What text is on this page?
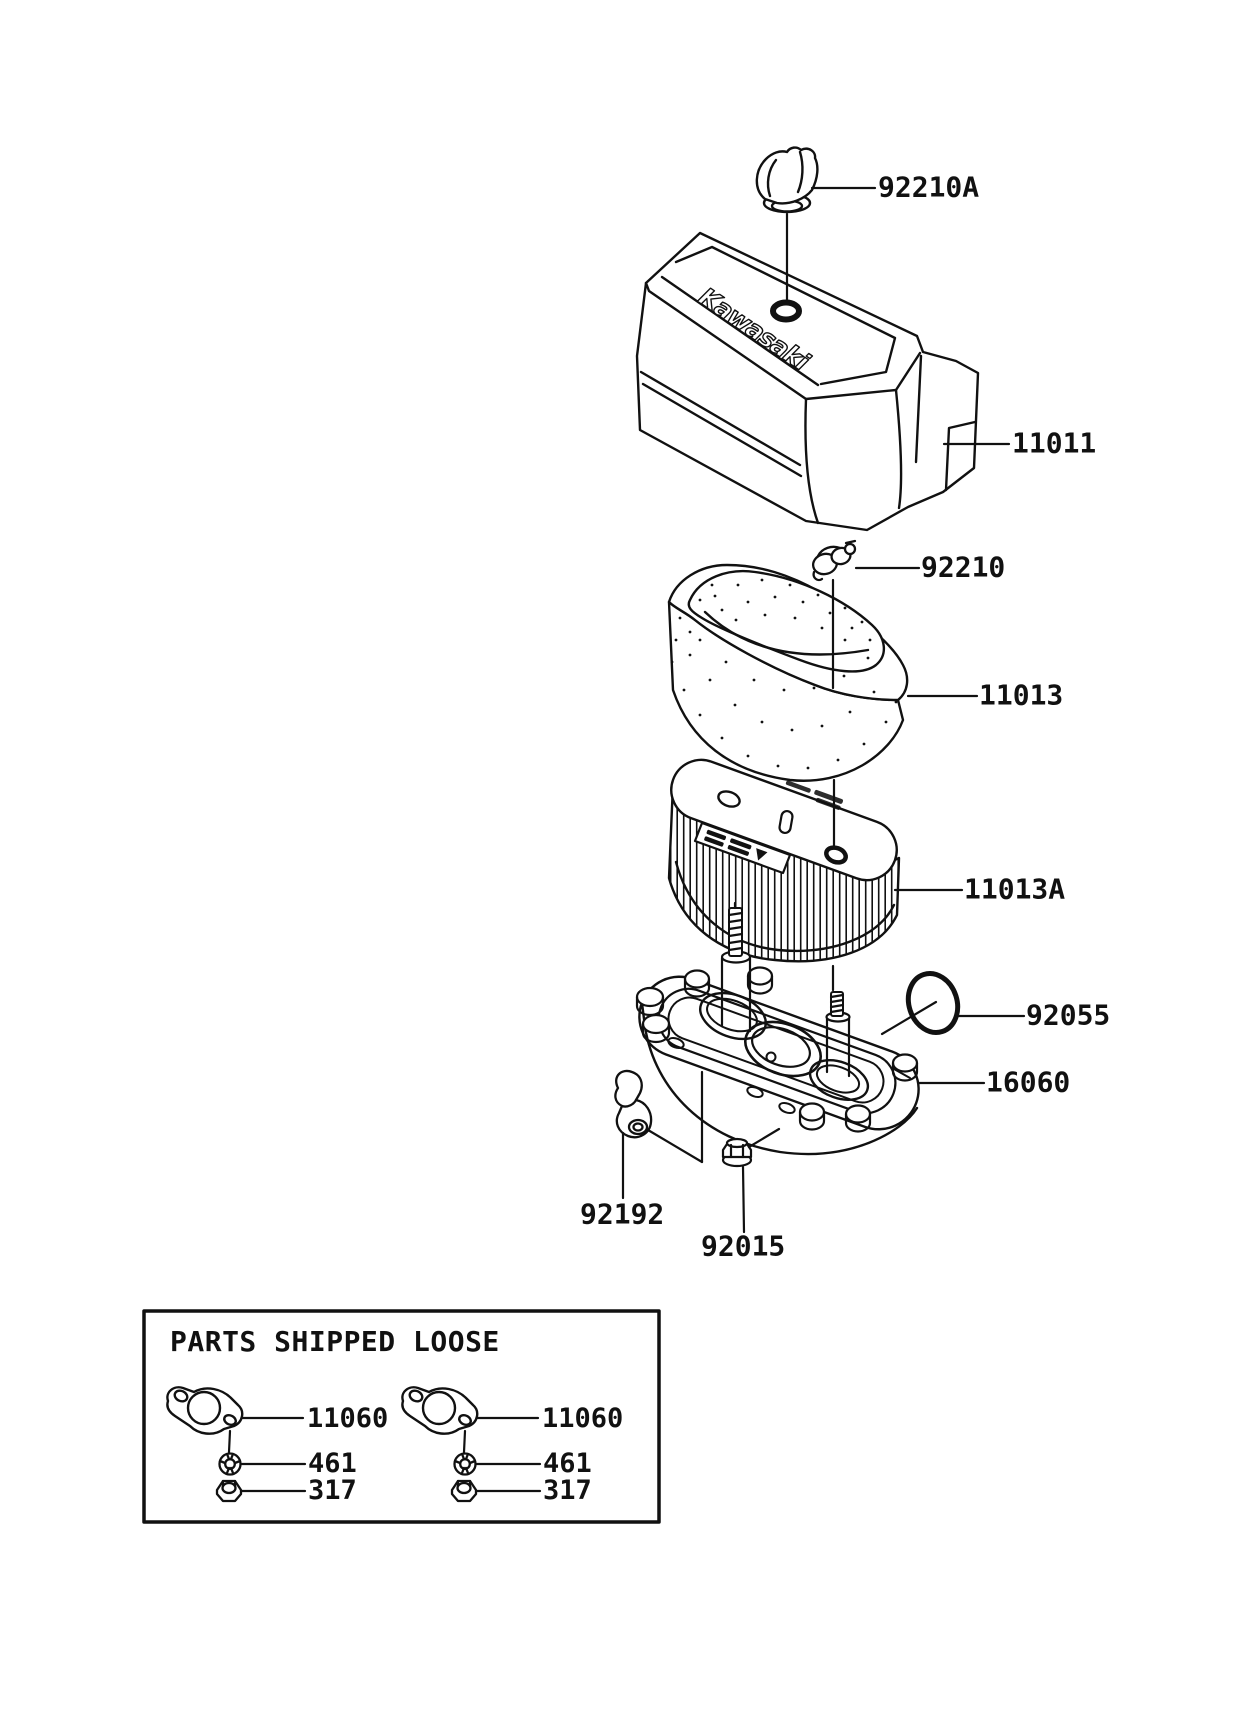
Kawasaki
92210A
11011
92210
11013
11013A
92055
16060
92192
92015
PARTS SHIPPED LOOSE
11060
461
317
11060
461
317
